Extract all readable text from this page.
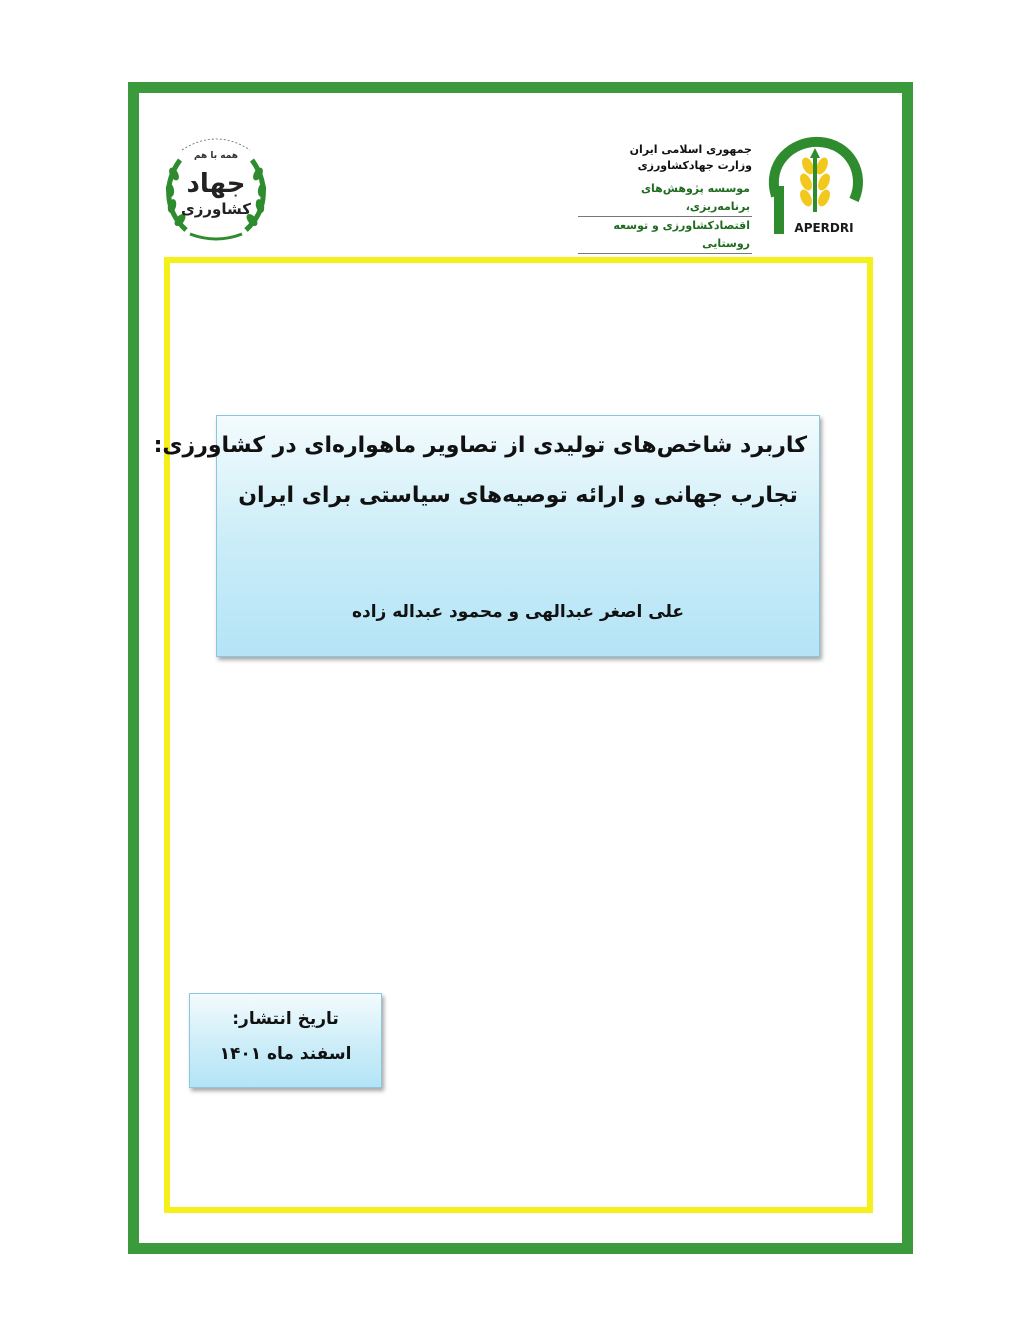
همه با هم
جهاد
کشاورزی
جمهوری اسلامی ایران
وزارت جهادکشاورزی
موسسه پژوهش‌های برنامه‌ریزی،
اقتصادکشاورزی و توسعه روستایی
APERDRI
کاربرد شاخص‌های تولیدی از تصاویر ماهواره‌ای در کشاورزی:
تجارب جهانی و ارائه توصیه‌های سیاستی برای ایران
علی اصغر عبدالهی و محمود عبداله زاده
تاریخ انتشار:
اسفند ماه ۱۴۰۱
